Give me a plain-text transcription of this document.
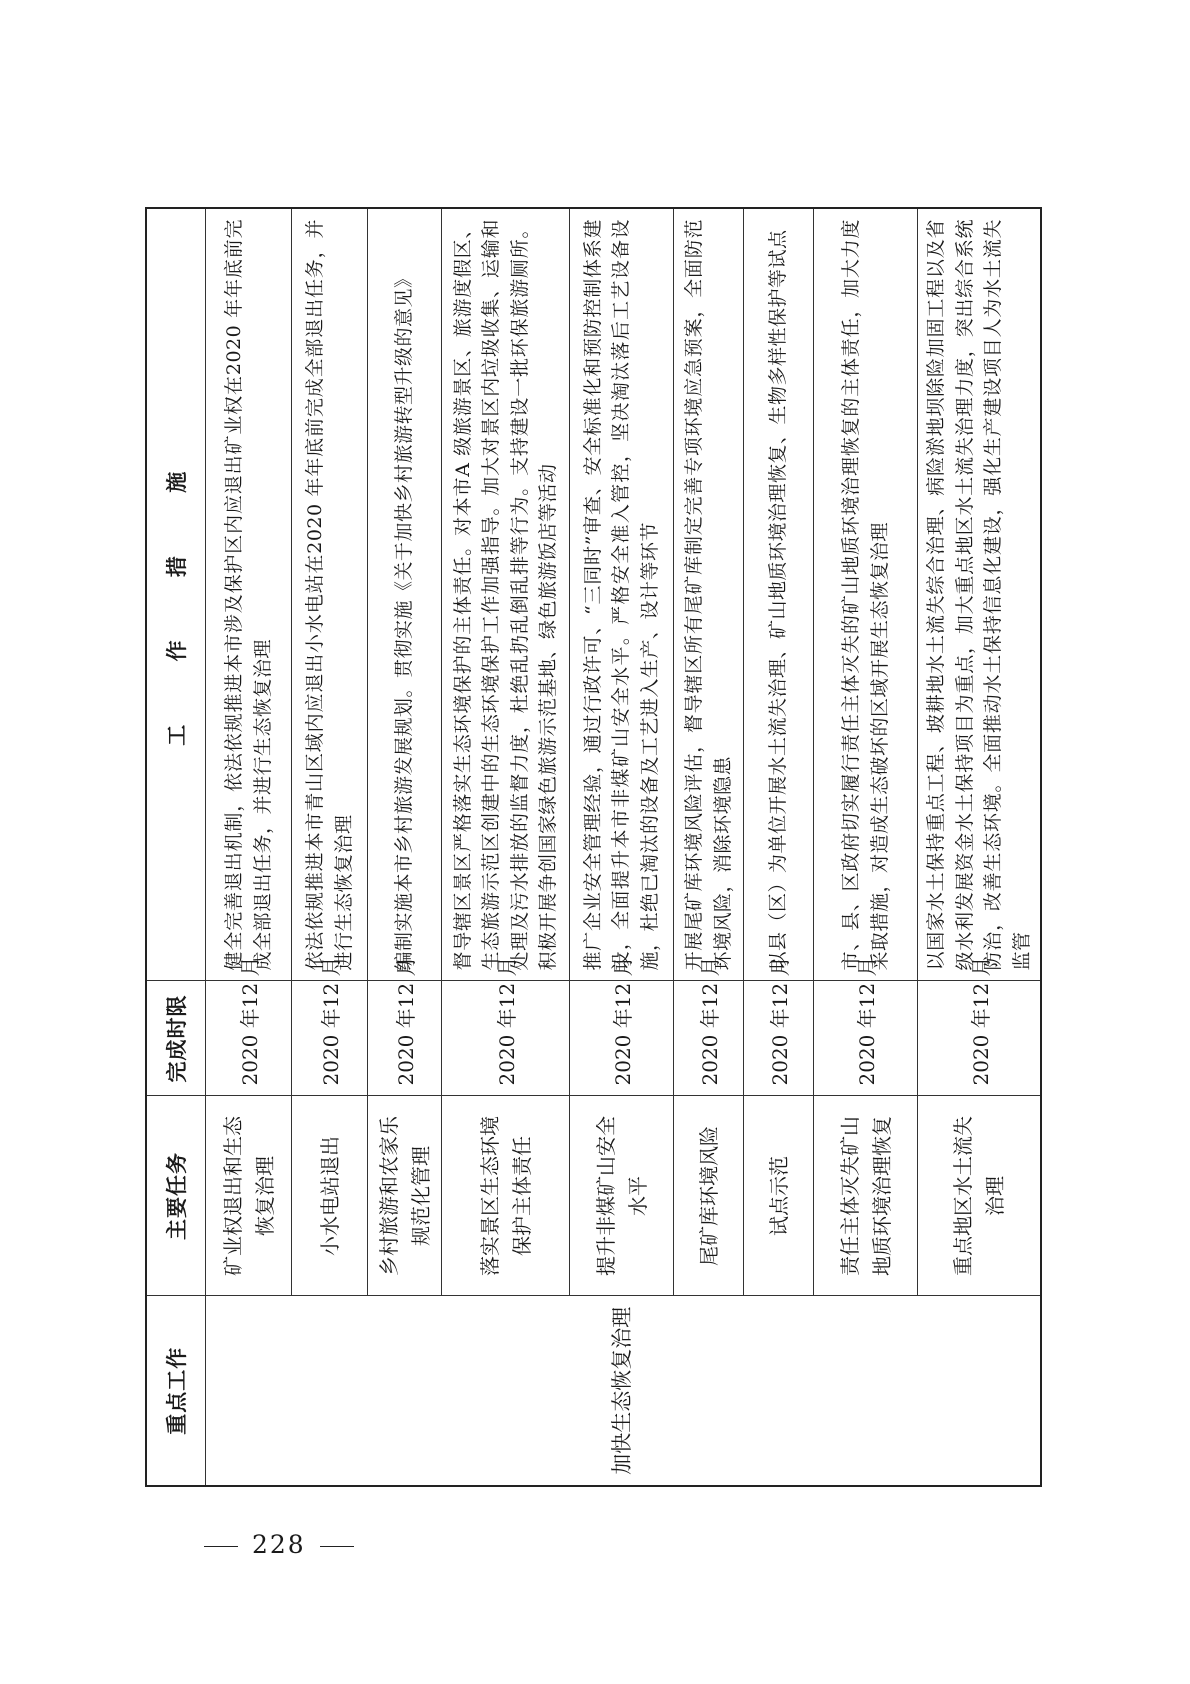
重点工作	主要任务	完成时限	工 作 措 施
加快生态恢复治理	矿业权退出和生态恢复治理	2020 年12 月	健全完善退出机制，依法依规推进本市涉及保护区内应退出矿业权在2020 年年底前完成全部退出任务，并进行生态恢复治理
	小水电站退出	2020 年12 月	依法依规推进本市青山区域内应退出小水电站在2020 年年底前完成全部退出任务，并进行生态恢复治理
	乡村旅游和农家乐规范化管理	2020 年12 月	编制实施本市乡村旅游发展规划。贯彻实施《关于加快乡村旅游转型升级的意见》
	落实景区生态环境保护主体责任	2020 年12 月	督导辖区景区严格落实生态环境保护的主体责任。对本市A 级旅游景区、旅游度假区、生态旅游示范区创建中的生态环境保护工作加强指导。加大对景区内垃圾收集、运输和处理及污水排放的监督力度，杜绝乱扔乱倒乱排等行为。支持建设一批环保旅游厕所。积极开展争创国家绿色旅游示范基地、绿色旅游饭店等活动
	提升非煤矿山安全水平	2020 年12 月	推广企业安全管理经验，通过行政许可、“三同时”审查、安全标准化和预防控制体系建设，全面提升本市非煤矿山安全水平。严格安全准入管控，坚决淘汰落后工艺设备设施，杜绝已淘汰的设备及工艺进入生产、设计等环节
	尾矿库环境风险	2020 年12 月	开展尾矿库环境风险评估，督导辖区所有尾矿库制定完善专项环境应急预案，全面防范环境风险，消除环境隐患
	试点示范	2020 年12 月	以县（区）为单位开展水土流失治理、矿山地质环境治理恢复、生物多样性保护等试点
	责任主体灭失矿山地质环境治理恢复	2020 年12 月	市、县、区政府切实履行责任主体灭失的矿山地质环境治理恢复的主体责任，加大力度采取措施，对造成生态破坏的区域开展生态恢复治理
	重点地区水土流失治理	2020 年12 月	以国家水土保持重点工程、坡耕地水土流失综合治理、病险淤地坝除险加固工程以及省级水利发展资金水土保持项目为重点，加大重点地区水土流失治理力度，突出综合系统防治，改善生态环境。全面推动水土保持信息化建设，强化生产建设项目人为水土流失监管
228
